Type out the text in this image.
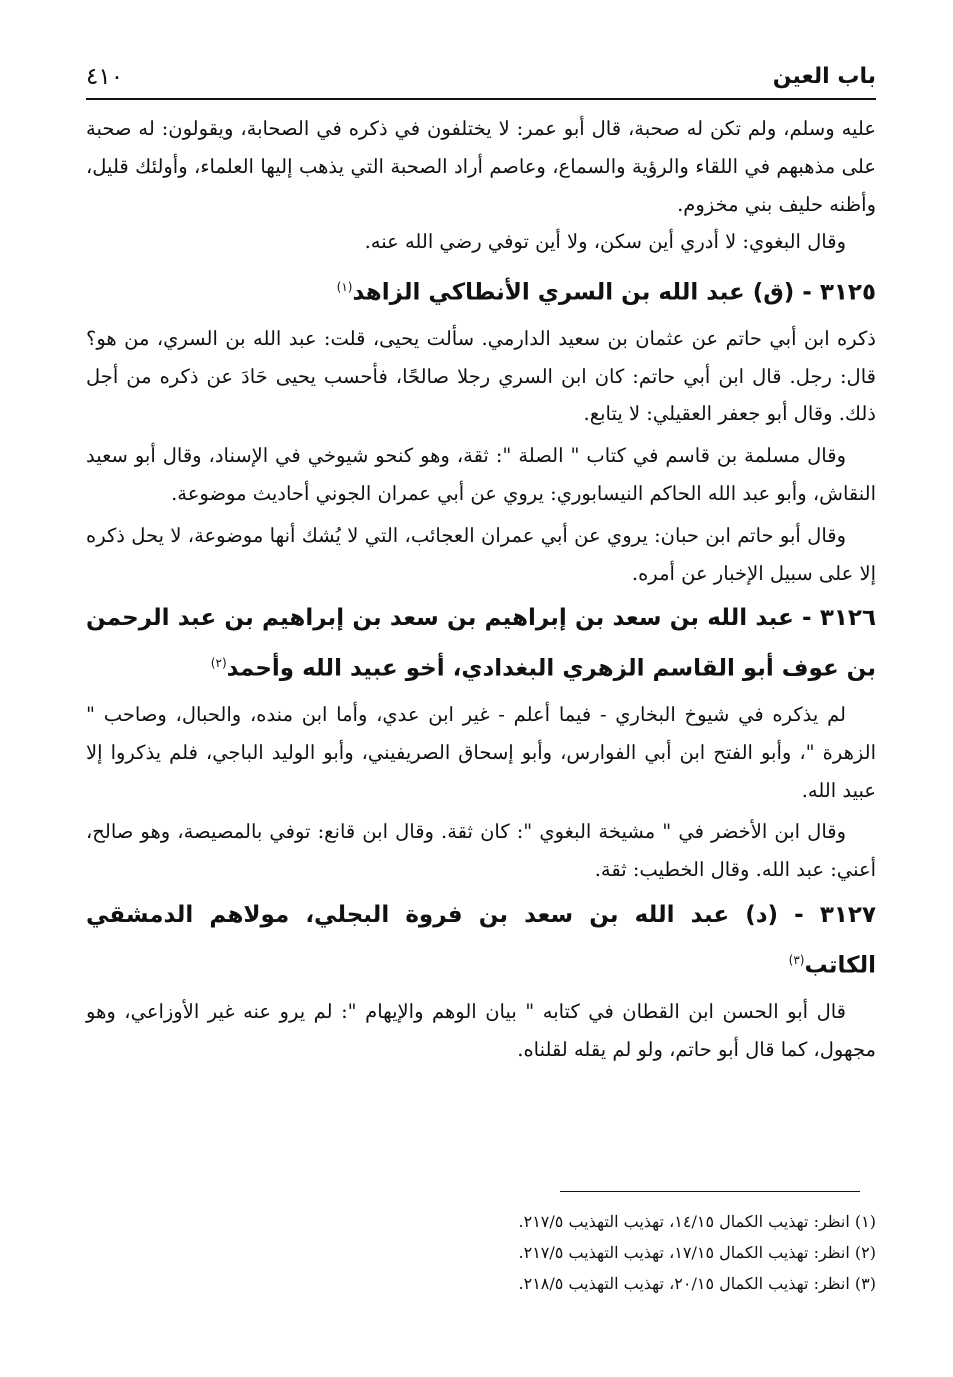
٤١٠	باب العين

عليه وسلم، ولم تكن له صحبة، قال أبو عمر: لا يختلفون في ذكره في الصحابة، ويقولون: له صحبة على مذهبهم في اللقاء والرؤية والسماع، وعاصم أراد الصحبة التي يذهب إليها العلماء، وأولئك قليل، وأظنه حليف بني مخزوم.

وقال البغوي: لا أدري أين سكن، ولا أين توفي رضي الله عنه.

٣١٢٥ - (ق) عبد الله بن السري الأنطاكي الزاهد$^{(١)}$

ذكره ابن أبي حاتم عن عثمان بن سعيد الدارمي. سألت يحيى، قلت: عبد الله بن السري، من هو؟ قال: رجل. قال ابن أبي حاتم: كان ابن السري رجلا صالحًا، فأحسب يحيى حَادَ عن ذكره من أجل ذلك. وقال أبو جعفر العقيلي: لا يتابع.

وقال مسلمة بن قاسم في كتاب " الصلة ": ثقة، وهو كنحو شيوخي في الإسناد، وقال أبو سعيد النقاش، وأبو عبد الله الحاكم النيسابوري: يروي عن أبي عمران الجوني أحاديث موضوعة.

وقال أبو حاتم ابن حبان: يروي عن أبي عمران العجائب، التي لا يُشك أنها موضوعة، لا يحل ذكره إلا على سبيل الإخبار عن أمره.

٣١٢٦ - عبد الله بن سعد بن إبراهيم بن سعد بن إبراهيم بن عبد الرحمن بن عوف أبو القاسم الزهري البغدادي، أخو عبيد الله وأحمد$^{(٢)}$

لم يذكره في شيوخ البخاري - فيما أعلم - غير ابن عدي، وأما ابن منده، والحبال، وصاحب " الزهرة "، وأبو الفتح ابن أبي الفوارس، وأبو إسحاق الصريفيني، وأبو الوليد الباجي، فلم يذكروا إلا عبيد الله.

وقال ابن الأخضر في " مشيخة البغوي ": كان ثقة. وقال ابن قانع: توفي بالمصيصة، وهو صالح، أعني: عبد الله. وقال الخطيب: ثقة.

٣١٢٧ - (د) عبد الله بن سعد بن فروة البجلي، مولاهم الدمشقي الكاتب$^{(٣)}$

قال أبو الحسن ابن القطان في كتابه " بيان الوهم والإيهام ": لم يرو عنه غير الأوزاعي، وهو مجهول، كما قال أبو حاتم، ولو لم يقله لقلناه.

(١) انظر: تهذيب الكمال ١٤/١٥، تهذيب التهذيب ٢١٧/٥.

(٢) انظر: تهذيب الكمال ١٧/١٥، تهذيب التهذيب ٢١٧/٥.

(٣) انظر: تهذيب الكمال ٢٠/١٥، تهذيب التهذيب ٢١٨/٥.
